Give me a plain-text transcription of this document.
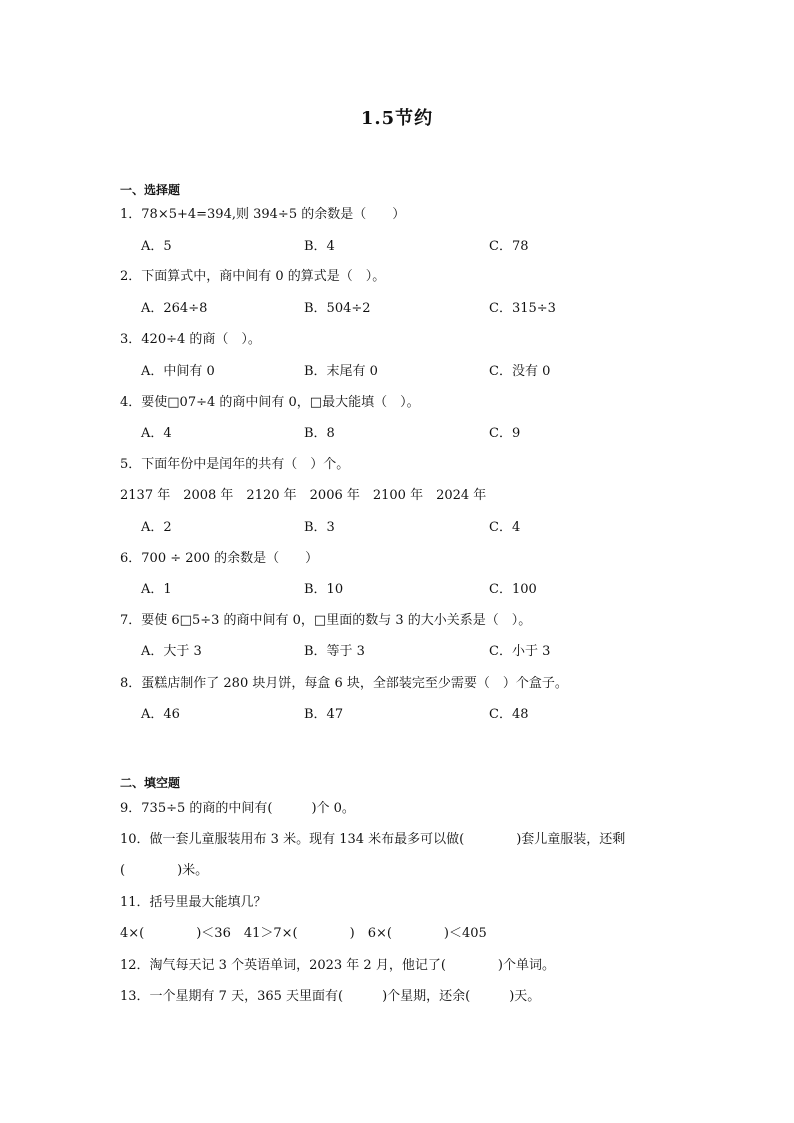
1.5节约
一、选择题
1．78×5+4=394,则 394÷5 的余数是（　　）
A．5	B．4	C．78
2．下面算式中，商中间有 0 的算式是（　）。
A．264÷8	B．504÷2	C．315÷3
3．420÷4 的商（　）。
A．中间有 0	B．末尾有 0	C．没有 0
4．要使□07÷4 的商中间有 0，□最大能填（　）。
A．4	B．8	C．9
5．下面年份中是闰年的共有（　）个。
2137 年　2008 年　2120 年　2006 年　2100 年　2024 年
A．2	B．3	C．4
6．700 ÷ 200 的余数是（　　）
A．1	B．10	C．100
7．要使 6□5÷3 的商中间有 0，□里面的数与 3 的大小关系是（　）。
A．大于 3	B．等于 3	C．小于 3
8．蛋糕店制作了 280 块月饼，每盒 6 块，全部装完至少需要（　）个盒子。
A．46	B．47	C．48
二、填空题
9．735÷5 的商的中间有(　　　)个 0。
10．做一套儿童服装用布 3 米。现有 134 米布最多可以做(　　　　)套儿童服装，还剩
(　　　　)米。
11．括号里最大能填几？
4×(　　　　)＜36　41＞7×(　　　　)　6×(　　　　)＜405
12．淘气每天记 3 个英语单词，2023 年 2 月，他记了(　　　　)个单词。
13．一个星期有 7 天，365 天里面有(　　　)个星期，还余(　　　)天。
